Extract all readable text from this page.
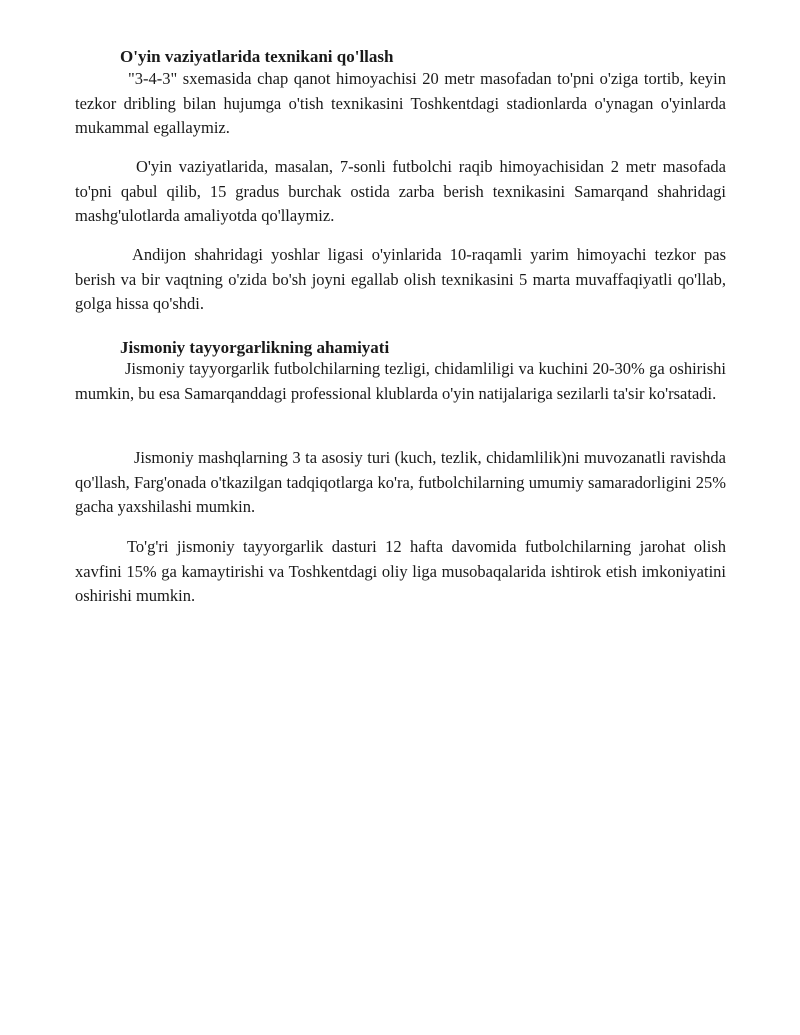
O'yin vaziyatlarida texnikani qo'llash

"3-4-3" sxemasida chap qanot himoyachisi 20 metr masofadan to'pni o'ziga tortib, keyin tezkor dribling bilan hujumga o'tish texnikasini Toshkentdagi stadionlarda o'ynagan o'yinlarda mukammal egallaymiz.

O'yin vaziyatlarida, masalan, 7-sonli futbolchi raqib himoyachisidan 2 metr masofada to'pni qabul qilib, 15 gradus burchak ostida zarba berish texnikasini Samarqand shahridagi mashg'ulotlarda amaliyotda qo'llaymiz.

Andijon shahridagi yoshlar ligasi o'yinlarida 10-raqamli yarim himoyachi tezkor pas berish va bir vaqtning o'zida bo'sh joyni egallab olish texnikasini 5 marta muvaffaqiyatli qo'llab, golga hissa qo'shdi.

Jismoniy tayyorgarlikning ahamiyati

Jismoniy tayyorgarlik futbolchilarning tezligi, chidamliligi va kuchini 20-30% ga oshirishi mumkin, bu esa Samarqanddagi professional klublarda o'yin natijalariga sezilarli ta'sir ko'rsatadi.

Jismoniy mashqlarning 3 ta asosiy turi (kuch, tezlik, chidamlilik)ni muvozanatli ravishda qo'llash, Farg'onada o'tkazilgan tadqiqotlarga ko'ra, futbolchilarning umumiy samaradorligini 25% gacha yaxshilashi mumkin.

To'g'ri jismoniy tayyorgarlik dasturi 12 hafta davomida futbolchilarning jarohat olish xavfini 15% ga kamaytirishi va Toshkentdagi oliy liga musobaqalarida ishtirok etish imkoniyatini oshirishi mumkin.
